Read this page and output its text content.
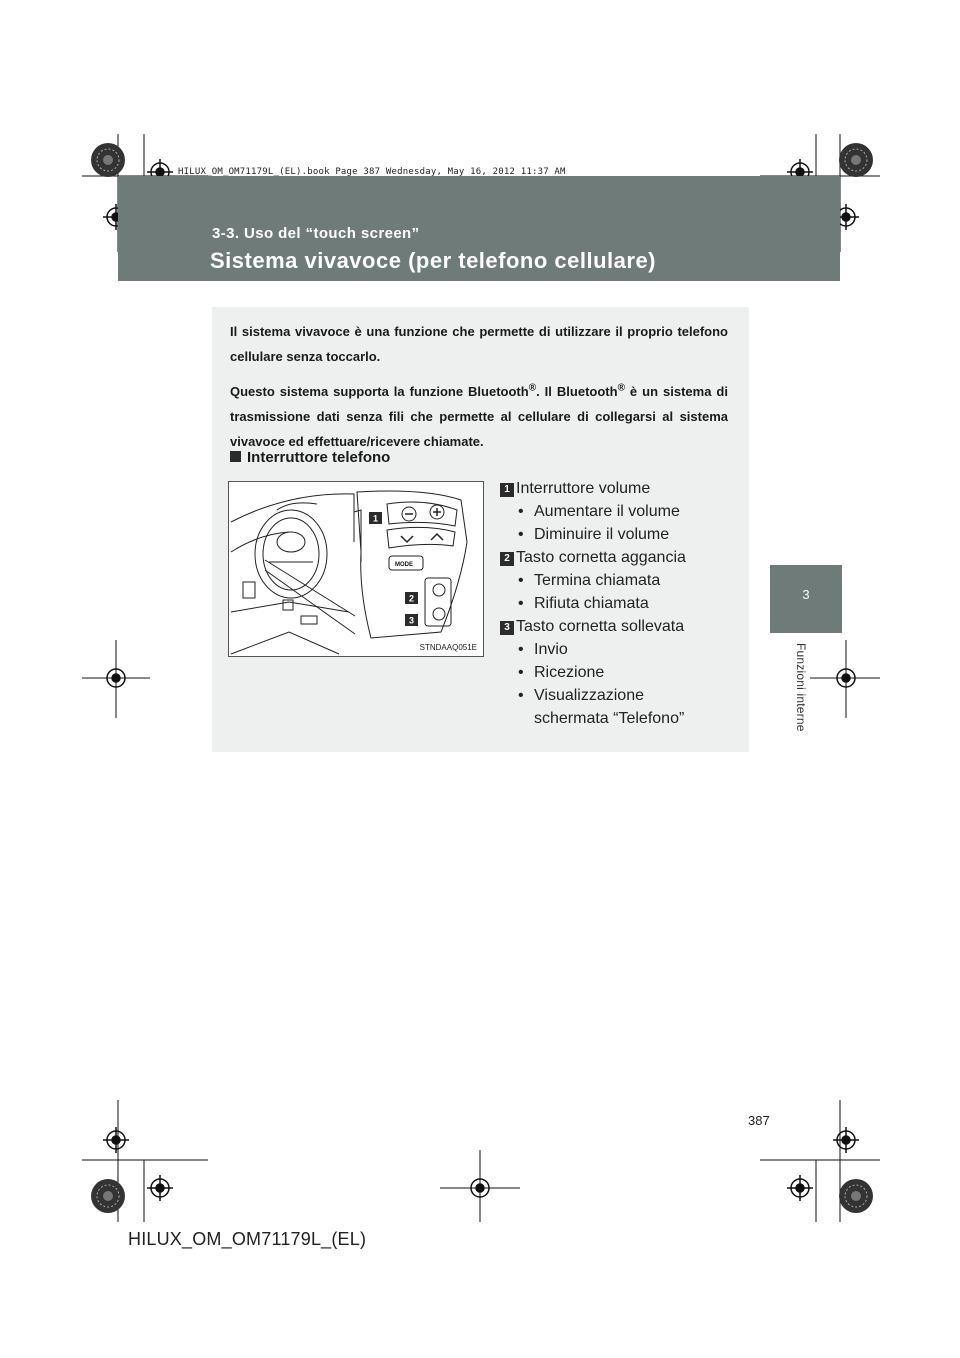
3-3. Uso del “touch screen”
Sistema vivavoce (per telefono cellulare)
HILUX_OM_OM71179L_(EL).book Page 387 Wednesday, May 16, 2012 11:37 AM
3
Funzioni interne

Il sistema vivavoce è una funzione che permette di utilizzare il proprio telefono cellulare senza toccarlo.

Questo sistema supporta la funzione Bluetooth®. Il Bluetooth® è un sistema di trasmissione dati senza fili che permette al cellulare di collegarsi al sistema vivavoce ed effettuare/ricevere chiamate.

Interruttore telefono
MODE
1
2
3
STNDAAQ051E
1 Interruttore volume
• Aumentare il volume
• Diminuire il volume
2 Tasto cornetta aggancia
• Termina chiamata
• Rifiuta chiamata
3 Tasto cornetta sollevata
• Invio
• Ricezione
• Visualizzazione
schermata “Telefono”
387
HILUX_OM_OM71179L_(EL)
